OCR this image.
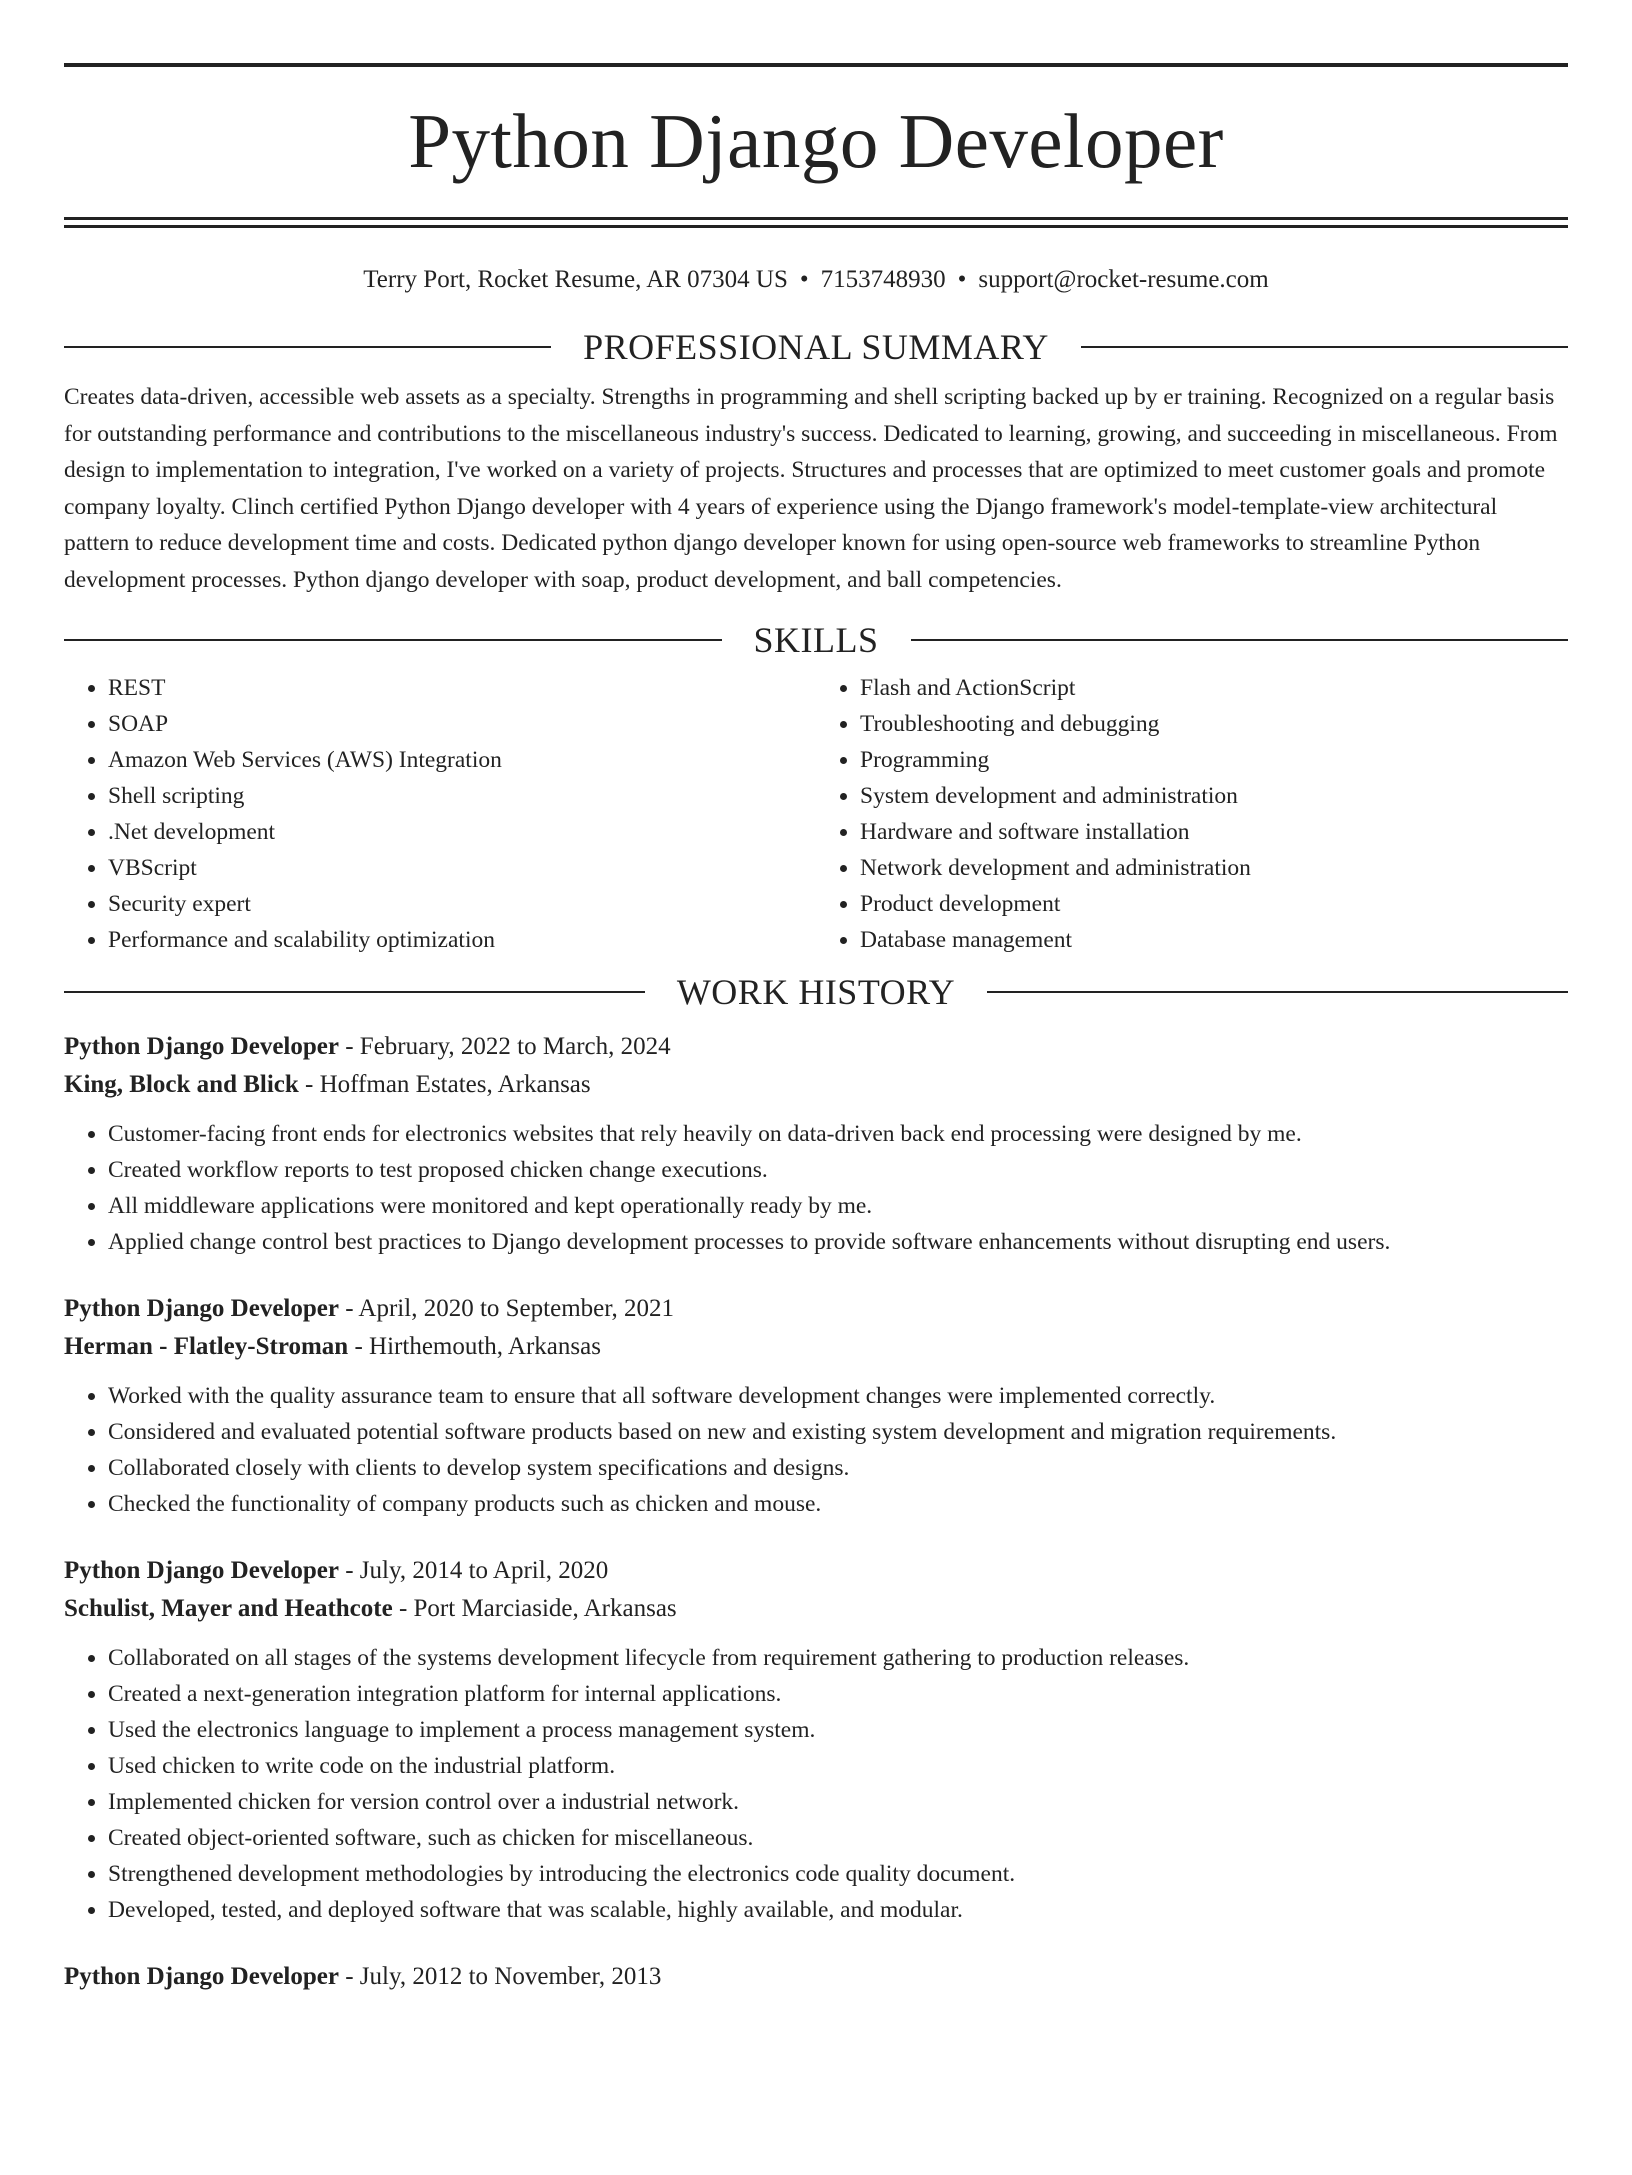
Python Django Developer
Terry Port, Rocket Resume, AR 07304 US • 7153748930 • support@rocket-resume.com
PROFESSIONAL SUMMARY

Creates data-driven, accessible web assets as a specialty. Strengths in programming and shell scripting backed up by er training. Recognized on a regular basis for outstanding performance and contributions to the miscellaneous industry's success. Dedicated to learning, growing, and succeeding in miscellaneous. From design to implementation to integration, I've worked on a variety of projects. Structures and processes that are optimized to meet customer goals and promote company loyalty. Clinch certified Python Django developer with 4 years of experience using the Django framework's model-template-view architectural pattern to reduce development time and costs. Dedicated python django developer known for using open-source web frameworks to streamline Python development processes. Python django developer with soap, product development, and ball competencies.

SKILLS
• REST
• SOAP
• Amazon Web Services (AWS) Integration
• Shell scripting
• .Net development
• VBScript
• Security expert
• Performance and scalability optimization
• Flash and ActionScript
• Troubleshooting and debugging
• Programming
• System development and administration
• Hardware and software installation
• Network development and administration
• Product development
• Database management
WORK HISTORY
Python Django Developer - February, 2022 to March, 2024
King, Block and Blick - Hoffman Estates, Arkansas
• Customer-facing front ends for electronics websites that rely heavily on data-driven back end processing were designed by me.
• Created workflow reports to test proposed chicken change executions.
• All middleware applications were monitored and kept operationally ready by me.
• Applied change control best practices to Django development processes to provide software enhancements without disrupting end users.
Python Django Developer - April, 2020 to September, 2021
Herman - Flatley-Stroman - Hirthemouth, Arkansas
• Worked with the quality assurance team to ensure that all software development changes were implemented correctly.
• Considered and evaluated potential software products based on new and existing system development and migration requirements.
• Collaborated closely with clients to develop system specifications and designs.
• Checked the functionality of company products such as chicken and mouse.
Python Django Developer - July, 2014 to April, 2020
Schulist, Mayer and Heathcote - Port Marciaside, Arkansas
• Collaborated on all stages of the systems development lifecycle from requirement gathering to production releases.
• Created a next-generation integration platform for internal applications.
• Used the electronics language to implement a process management system.
• Used chicken to write code on the industrial platform.
• Implemented chicken for version control over a industrial network.
• Created object-oriented software, such as chicken for miscellaneous.
• Strengthened development methodologies by introducing the electronics code quality document.
• Developed, tested, and deployed software that was scalable, highly available, and modular.
Python Django Developer - July, 2012 to November, 2013
